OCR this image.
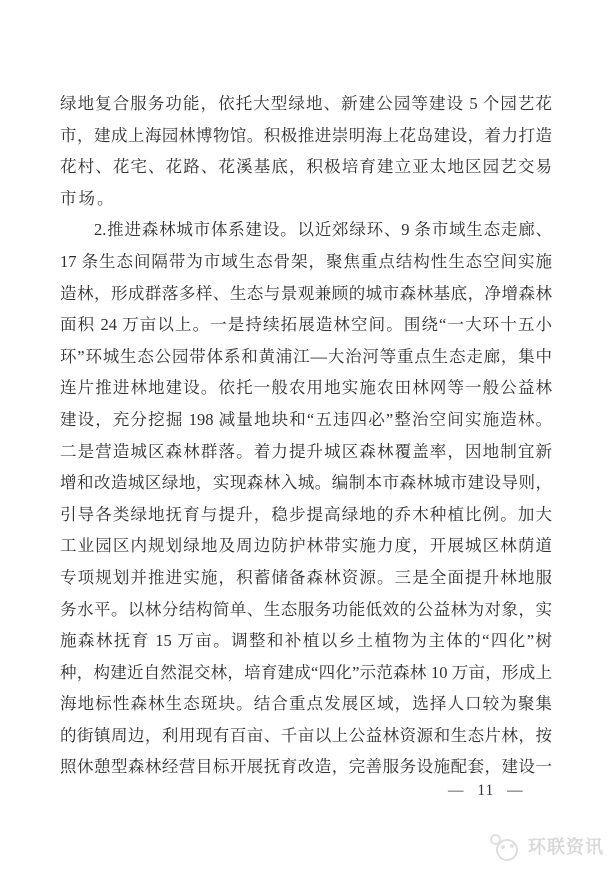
绿地复合服务功能，依托大型绿地、新建公园等建设 5 个园艺花
市，建成上海园林博物馆。积极推进崇明海上花岛建设，着力打造
花村、花宅、花路、花溪基底，积极培育建立亚太地区园艺交易
市场。
2.推进森林城市体系建设。以近郊绿环、9 条市域生态走廊、
17 条生态间隔带为市域生态骨架，聚焦重点结构性生态空间实施
造林，形成群落多样、生态与景观兼顾的城市森林基底，净增森林
面积 24 万亩以上。一是持续拓展造林空间。围绕“一大环十五小
环”环城生态公园带体系和黄浦江—大治河等重点生态走廊，集中
连片推进林地建设。依托一般农用地实施农田林网等一般公益林
建设，充分挖掘 198 减量地块和“五违四必”整治空间实施造林。
二是营造城区森林群落。着力提升城区森林覆盖率，因地制宜新
增和改造城区绿地，实现森林入城。编制本市森林城市建设导则，
引导各类绿地抚育与提升，稳步提高绿地的乔木种植比例。加大
工业园区内规划绿地及周边防护林带实施力度，开展城区林荫道
专项规划并推进实施，积蓄储备森林资源。三是全面提升林地服
务水平。以林分结构简单、生态服务功能低效的公益林为对象，实
施森林抚育 15 万亩。调整和补植以乡土植物为主体的“四化”树
种，构建近自然混交林，培育建成“四化”示范森林 10 万亩，形成上
海地标性森林生态斑块。结合重点发展区域，选择人口较为聚集
的街镇周边，利用现有百亩、千亩以上公益林资源和生态片林，按
照休憩型森林经营目标开展抚育改造，完善服务设施配套，建设一
— 11 —
环联资讯
